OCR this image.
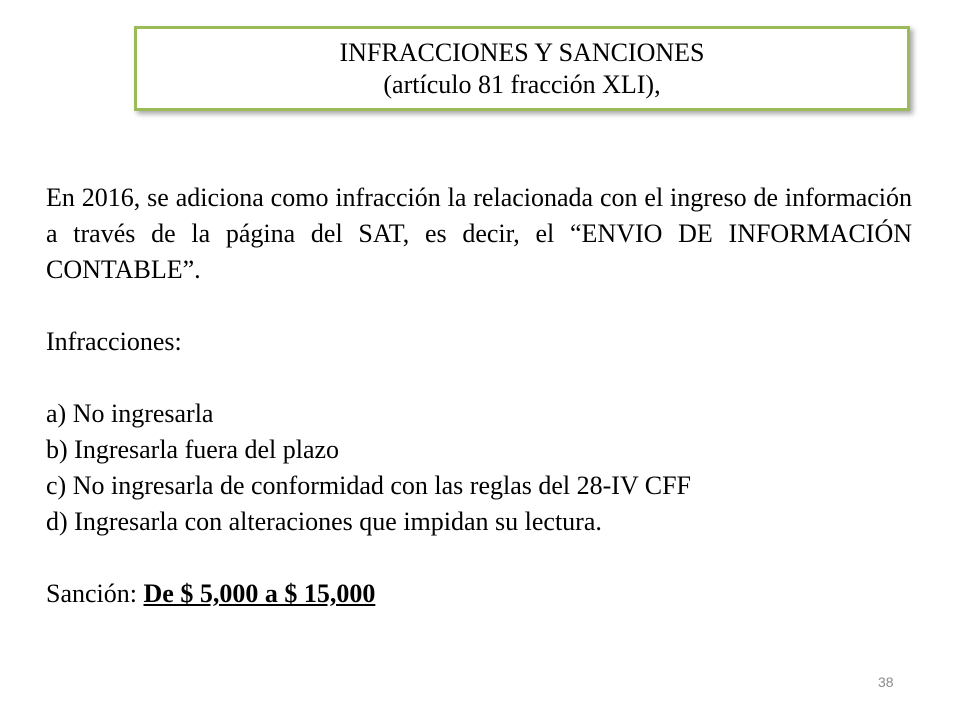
INFRACCIONES Y SANCIONES
(artículo 81 fracción XLI),

En 2016, se adiciona como infracción la relacionada con el ingreso de información a través de la página del SAT, es decir, el “ENVIO DE INFORMACIÓN CONTABLE”.

Infracciones:
a) No ingresarla
b) Ingresarla fuera del plazo
c) No ingresarla de conformidad con las reglas del 28-IV CFF
d) Ingresarla con alteraciones que impidan su lectura.
Sanción: De $ 5,000 a $ 15,000
38
